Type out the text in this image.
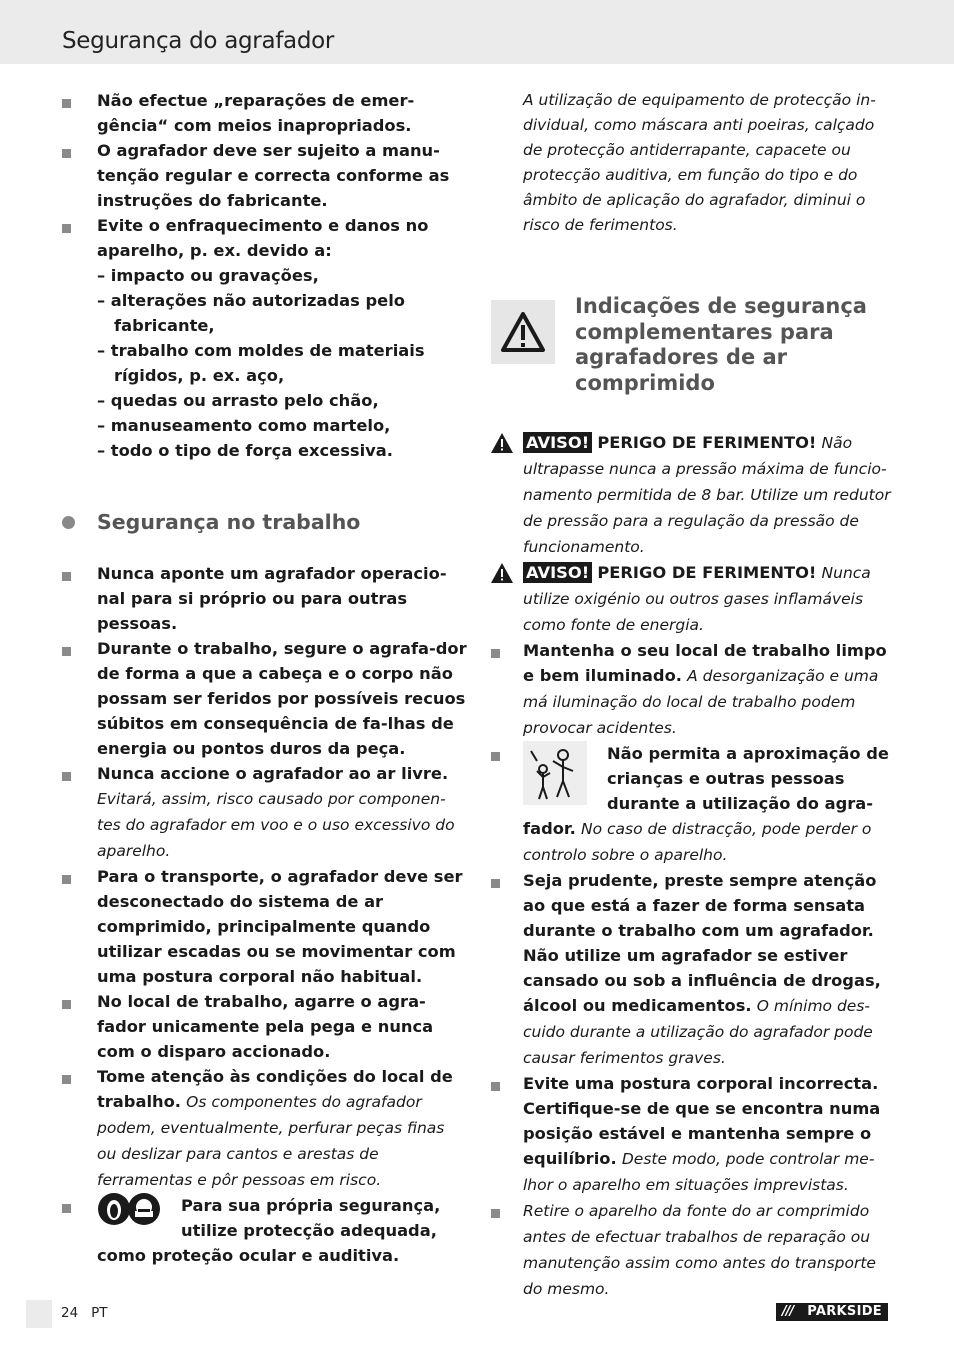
Segurança do agrafador
Não efectue „reparações de emer-gência“ com meios inapropriados.
O agrafador deve ser sujeito a manu-tenção regular e correcta conforme as instruções do fabricante.
Evite o enfraquecimento e danos no aparelho, p. ex. devido a:
– impacto ou gravações,
– alterações não autorizadas pelo fabricante,
– trabalho com moldes de materiais rígidos, p. ex. aço,
– quedas ou arrasto pelo chão,
– manuseamento como martelo,
– todo o tipo de força excessiva.
Segurança no trabalho
Nunca aponte um agrafador operacio-nal para si próprio ou para outras pessoas.
Durante o trabalho, segure o agrafa-dor de forma a que a cabeça e o corpo não possam ser feridos por possíveis recuos súbitos em consequência de fa-lhas de energia ou pontos duros da peça.
Nunca accione o agrafador ao ar livre. Evitará, assim, risco causado por componen-tes do agrafador em voo e o uso excessivo do aparelho.
Para o transporte, o agrafador deve ser desconectado do sistema de ar comprimido, principalmente quando utilizar escadas ou se movimentar com uma postura corporal não habitual.
No local de trabalho, agarre o agra-fador unicamente pela pega e nunca com o disparo accionado.
Tome atenção às condições do local de trabalho. Os componentes do agrafador podem, eventualmente, perfurar peças finas ou deslizar para cantos e arestas de ferramentas e pôr pessoas em risco.
Para sua própria segurança, utilize protecção adequada, como proteção ocular e auditiva.
A utilização de equipamento de protecção in-dividual, como máscara anti poeiras, calçado de protecção antiderrapante, capacete ou protecção auditiva, em função do tipo e do âmbito de aplicação do agrafador, diminui o risco de ferimentos.
Indicações de segurança complementares para agrafadores de ar comprimido
AVISO! PERIGO DE FERIMENTO! Não ultrapasse nunca a pressão máxima de funcio-namento permitida de 8 bar. Utilize um redutor de pressão para a regulação da pressão de funcionamento.
AVISO! PERIGO DE FERIMENTO! Nunca utilize oxigénio ou outros gases inflamáveis como fonte de energia.
Mantenha o seu local de trabalho limpo e bem iluminado. A desorganização e uma má iluminação do local de trabalho podem provocar acidentes.
Não permita a aproximação de crianças e outras pessoas durante a utilização do agra-fador. No caso de distracção, pode perder o controlo sobre o aparelho.
Seja prudente, preste sempre atenção ao que está a fazer de forma sensata durante o trabalho com um agrafador. Não utilize um agrafador se estiver cansado ou sob a influência de drogas, álcool ou medicamentos. O mínimo des-cuido durante a utilização do agrafador pode causar ferimentos graves.
Evite uma postura corporal incorrecta. Certifique-se de que se encontra numa posição estável e mantenha sempre o equilíbrio. Deste modo, pode controlar me-lhor o aparelho em situações imprevistas.
Retire o aparelho da fonte do ar comprimido antes de efectuar trabalhos de reparação ou manutenção assim como antes do transporte do mesmo.
24 PT	/// PARKSIDE
